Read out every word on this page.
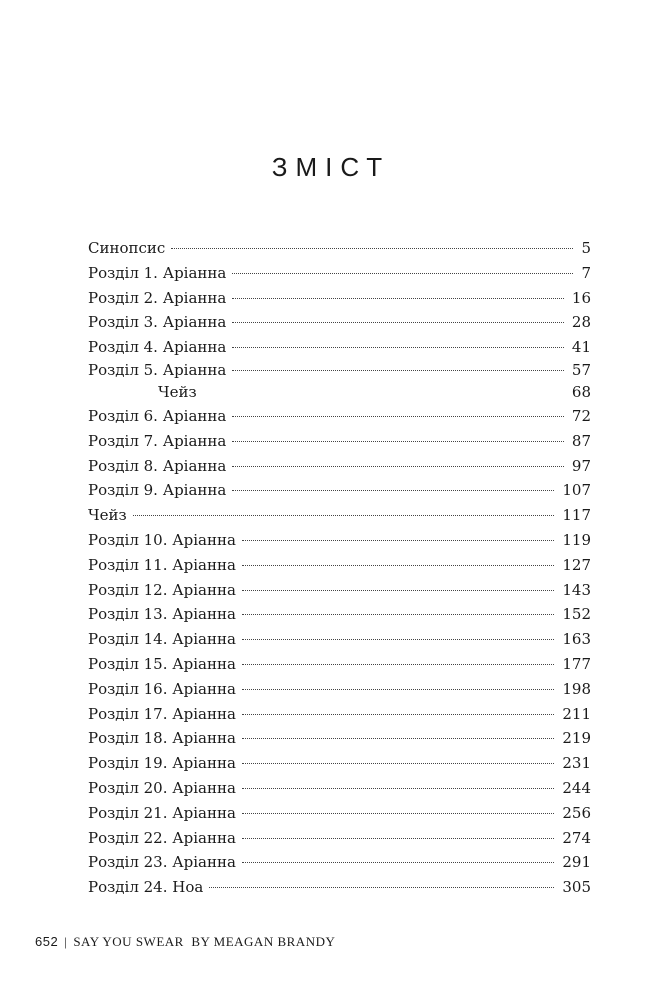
ЗМІСТ
Синопсис	5
Розділ 1. Аріанна	7
Розділ 2. Аріанна	16
Розділ 3. Аріанна	28
Розділ 4. Аріанна	41
Розділ 5. Аріанна	57
Чейз	68
Розділ 6. Аріанна	72
Розділ 7. Аріанна	87
Розділ 8. Аріанна	97
Розділ 9. Аріанна	107
Чейз	117
Розділ 10. Аріанна	119
Розділ 11. Аріанна	127
Розділ 12. Аріанна	143
Розділ 13. Аріанна	152
Розділ 14. Аріанна	163
Розділ 15. Аріанна	177
Розділ 16. Аріанна	198
Розділ 17. Аріанна	211
Розділ 18. Аріанна	219
Розділ 19. Аріанна	231
Розділ 20. Аріанна	244
Розділ 21. Аріанна	256
Розділ 22. Аріанна	274
Розділ 23. Аріанна	291
Розділ 24. Ноа	305
652 | SAY YOU SWEAR BY MEAGAN BRANDY
